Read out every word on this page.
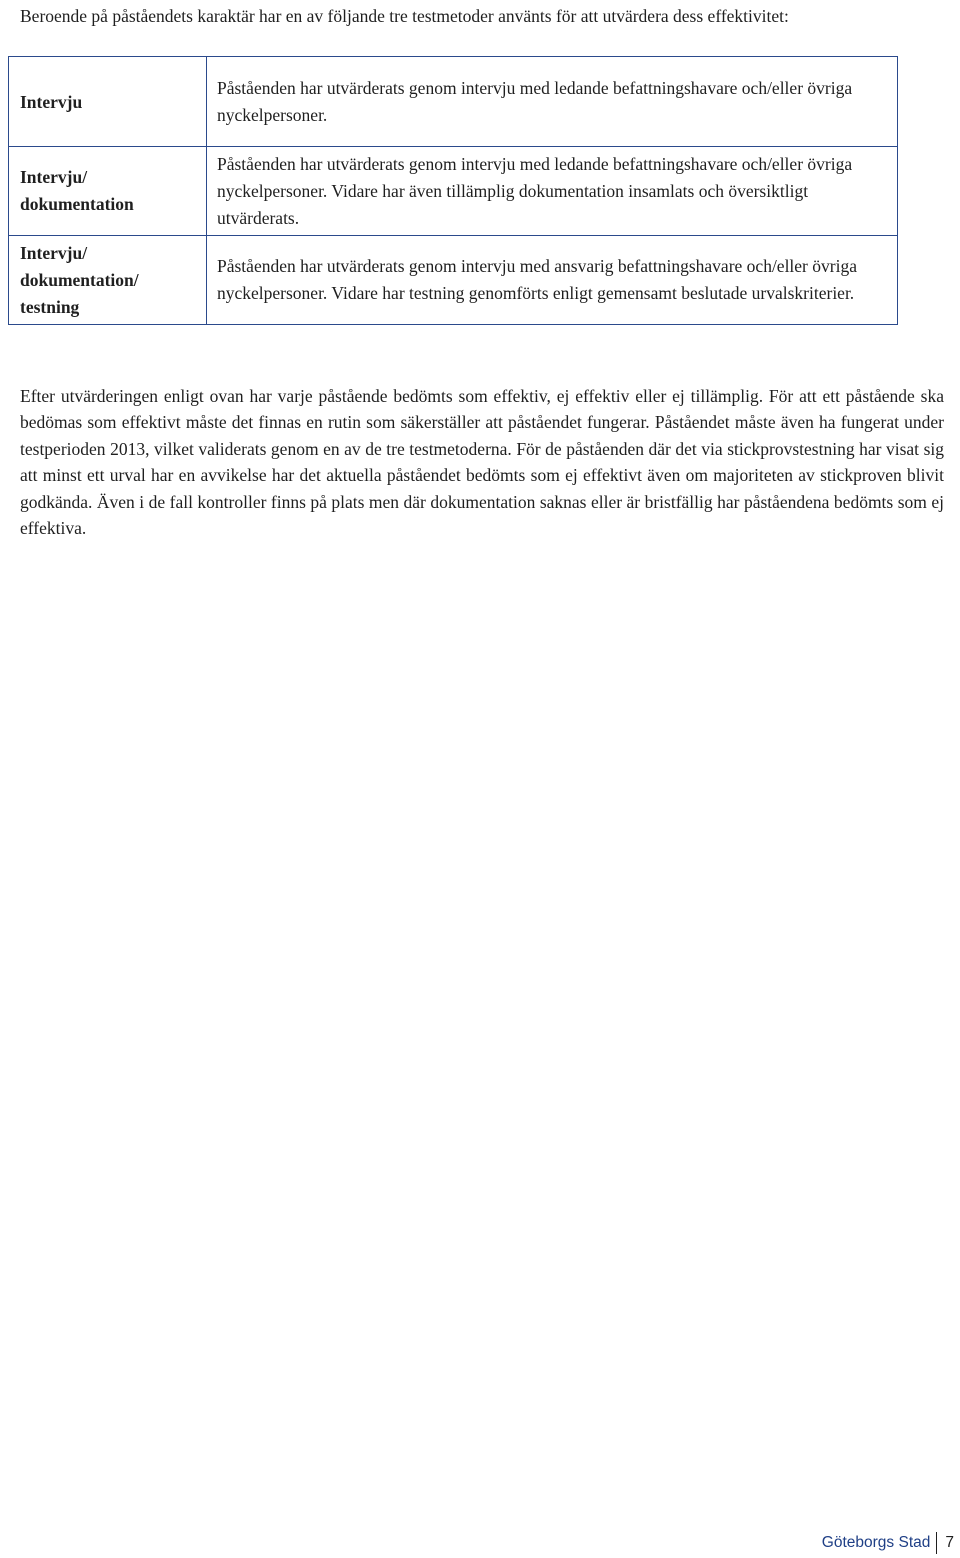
Beroende på påståendets karaktär har en av följande tre testmetoder använts för att utvärdera dess effektivitet:
Intervju	Påståenden har utvärderats genom intervju med ledande befattningshavare och/eller övriga nyckelpersoner.

Intervju/
dokumentation	Påståenden har utvärderats genom intervju med ledande befattningshavare och/eller övriga nyckelpersoner. Vidare har även tillämplig dokumentation insamlats och översiktligt utvärderats.

Intervju/
dokumentation/
testning	Påståenden har utvärderats genom intervju med ansvarig befattningshavare och/eller övriga nyckelpersoner. Vidare har testning genomförts enligt gemensamt beslutade urvalskriterier.

Efter utvärderingen enligt ovan har varje påstående bedömts som effektiv, ej effektiv eller ej tillämplig. För att ett påstående ska bedömas som effektivt måste det finnas en rutin som säkerställer att påståendet fungerar. Påståendet måste även ha fungerat under testperioden 2013, vilket validerats genom en av de tre testmetoderna. För de påståenden där det via stickprovstestning har visat sig att minst ett urval har en avvikelse har det aktuella påståendet bedömts som ej effektivt även om majoriteten av stickproven blivit godkända. Även i de fall kontroller finns på plats men där dokumentation saknas eller är bristfällig har påståendena bedömts som ej effektiva.

Göteborgs Stad 7
